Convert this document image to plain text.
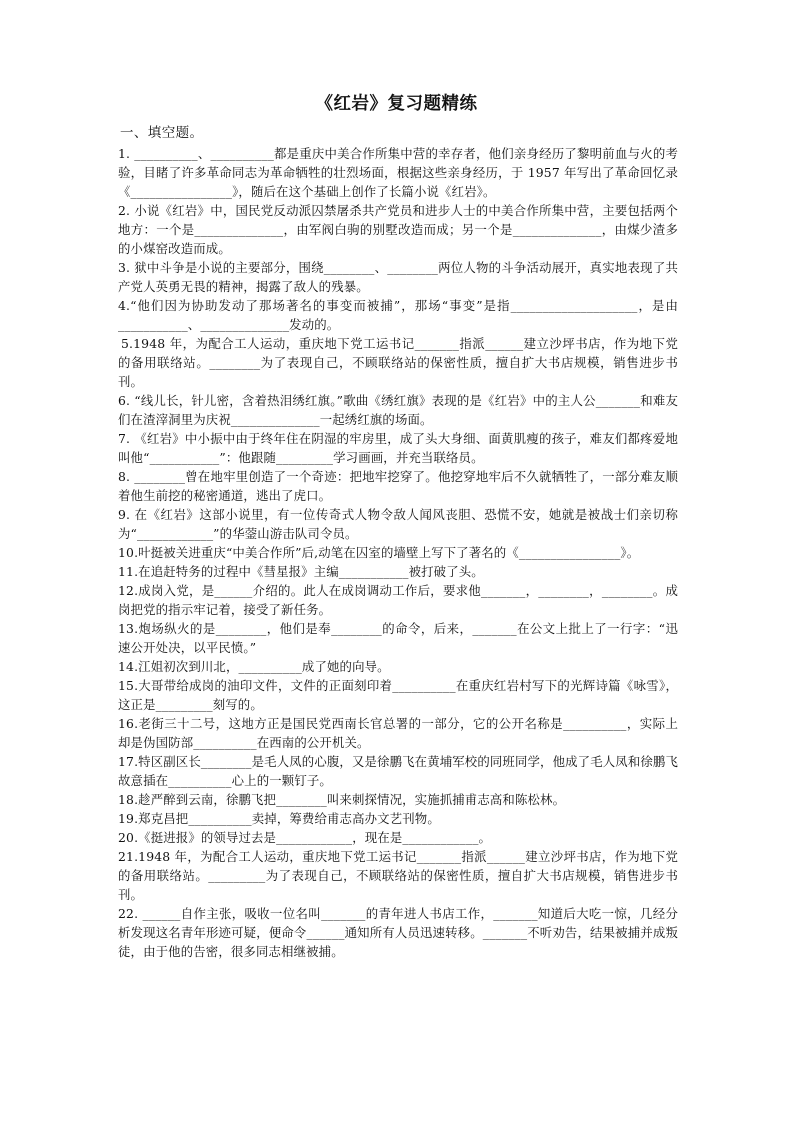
《红岩》复习题精练
一、填空题。

1. __________、__________都是重庆中美合作所集中营的幸存者，他们亲身经历了黎明前血与火的考验，目睹了许多革命同志为革命牺牲的壮烈场面，根据这些亲身经历，于 1957 年写出了革命回忆录《________________》，随后在这个基础上创作了长篇小说《红岩》。

2. 小说《红岩》中，国民党反动派囚禁屠杀共产党员和进步人士的中美合作所集中营，主要包括两个地方：一个是______________，由军阀白驹的别墅改造而成；另一个是______________，由煤少渣多的小煤窑改造而成。

3. 狱中斗争是小说的主要部分，围绕________、________两位人物的斗争活动展开，真实地表现了共产党人英勇无畏的精神，揭露了敌人的残暴。

4.“他们因为协助发动了那场著名的事变而被捕”，那场“事变”是指____________________，是由___________、______________发动的。

5.1948 年，为配合工人运动，重庆地下党工运书记_______指派______建立沙坪书店，作为地下党的备用联络站。________为了表现自己，不顾联络站的保密性质，擅自扩大书店规模，销售进步书刊。

6. “线儿长，针儿密，含着热泪绣红旗。”歌曲《绣红旗》表现的是《红岩》中的主人公_______和难友们在渣滓洞里为庆祝______________一起绣红旗的场面。

7. 《红岩》中小振中由于终年住在阴湿的牢房里，成了头大身细、面黄肌瘦的孩子，难友们都疼爱地叫他“___________”：他跟随_________学习画画，并充当联络员。

8. ________曾在地牢里创造了一个奇迹：把地牢挖穿了。他挖穿地牢后不久就牺牲了，一部分难友顺着他生前挖的秘密通道，逃出了虎口。

9. 在《红岩》这部小说里，有一位传奇式人物令敌人闻风丧胆、恐慌不安，她就是被战士们亲切称为“____________”的华蓥山游击队司令员。

10.叶挺被关进重庆“中美合作所”后,动笔在囚室的墙壁上写下了著名的《________________》。

11.在追赶特务的过程中《彗星报》主编___________被打破了头。

12.成岗入党，是______介绍的。此人在成岗调动工作后，要求他_______，________，________。成岗把党的指示牢记着，接受了新任务。

13.炮场纵火的是________，他们是奉________的命令，后来，_______在公文上批上了一行字：“迅速公开处决，以平民愤。”

14.江姐初次到川北，__________成了她的向导。

15.大哥带给成岗的油印文件，文件的正面刻印着__________在重庆红岩村写下的光辉诗篇《咏雪》，这正是_________刻写的。

16.老街三十二号，这地方正是国民党西南长官总署的一部分，它的公开名称是__________，实际上却是伪国防部__________在西南的公开机关。

17.特区副区长________是毛人凤的心腹，又是徐鹏飞在黄埔军校的同班同学，他成了毛人凤和徐鹏飞故意插在__________心上的一颗钉子。

18.趁严醉到云南，徐鹏飞把________叫来刺探情况，实施抓捕甫志高和陈松林。

19.郑克昌把__________卖掉，筹费给甫志高办文艺刊物。

20.《挺进报》的领导过去是____________，现在是____________。

21.1948 年，为配合工人运动，重庆地下党工运书记_______指派______建立沙坪书店，作为地下党的备用联络站。_________为了表现自己，不顾联络站的保密性质，擅自扩大书店规模，销售进步书刊。

22. ______自作主张，吸收一位名叫_______的青年进人书店工作，_______知道后大吃一惊，几经分析发现这名青年形迹可疑，便命令______通知所有人员迅速转移。_______不听劝告，结果被捕并成叛徒，由于他的告密，很多同志相继被捕。
